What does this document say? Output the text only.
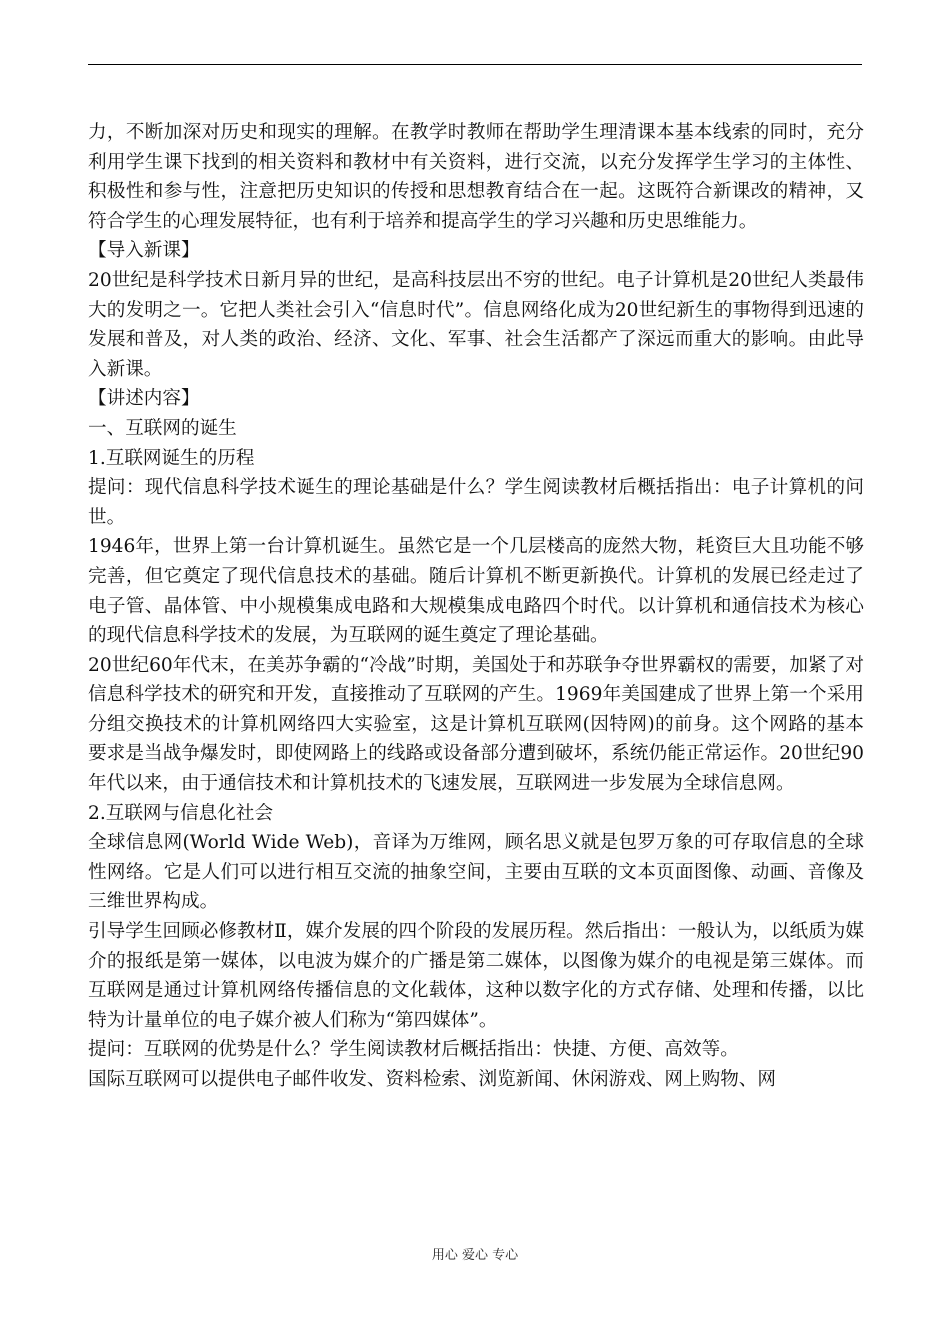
力，不断加深对历史和现实的理解。在教学时教师在帮助学生理清课本基本线索的同时，充分利用学生课下找到的相关资料和教材中有关资料，进行交流，以充分发挥学生学习的主体性、积极性和参与性，注意把历史知识的传授和思想教育结合在一起。这既符合新课改的精神，又符合学生的心理发展特征，也有利于培养和提高学生的学习兴趣和历史思维能力。

【导入新课】

20世纪是科学技术日新月异的世纪，是高科技层出不穷的世纪。电子计算机是20世纪人类最伟大的发明之一。它把人类社会引入“信息时代”。信息网络化成为20世纪新生的事物得到迅速的发展和普及，对人类的政治、经济、文化、军事、社会生活都产了深远而重大的影响。由此导入新课。

【讲述内容】

一、互联网的诞生

1.互联网诞生的历程

提问：现代信息科学技术诞生的理论基础是什么？学生阅读教材后概括指出：电子计算机的问世。

1946年，世界上第一台计算机诞生。虽然它是一个几层楼高的庞然大物，耗资巨大且功能不够完善，但它奠定了现代信息技术的基础。随后计算机不断更新换代。计算机的发展已经走过了电子管、晶体管、中小规模集成电路和大规模集成电路四个时代。以计算机和通信技术为核心的现代信息科学技术的发展，为互联网的诞生奠定了理论基础。

20世纪60年代末，在美苏争霸的“冷战”时期，美国处于和苏联争夺世界霸权的需要，加紧了对信息科学技术的研究和开发，直接推动了互联网的产生。1969年美国建成了世界上第一个采用分组交换技术的计算机网络四大实验室，这是计算机互联网(因特网)的前身。这个网路的基本要求是当战争爆发时，即使网路上的线路或设备部分遭到破坏，系统仍能正常运作。20世纪90年代以来，由于通信技术和计算机技术的飞速发展，互联网进一步发展为全球信息网。

2.互联网与信息化社会

全球信息网(World Wide Web)，音译为万维网，顾名思义就是包罗万象的可存取信息的全球性网络。它是人们可以进行相互交流的抽象空间，主要由互联的文本页面图像、动画、音像及三维世界构成。

引导学生回顾必修教材Ⅱ，媒介发展的四个阶段的发展历程。然后指出：一般认为，以纸质为媒介的报纸是第一媒体，以电波为媒介的广播是第二媒体，以图像为媒介的电视是第三媒体。而互联网是通过计算机网络传播信息的文化载体，这种以数字化的方式存储、处理和传播，以比特为计量单位的电子媒介被人们称为“第四媒体”。

提问：互联网的优势是什么？学生阅读教材后概括指出：快捷、方便、高效等。

国际互联网可以提供电子邮件收发、资料检索、浏览新闻、休闲游戏、网上购物、网

用心 爱心 专心
